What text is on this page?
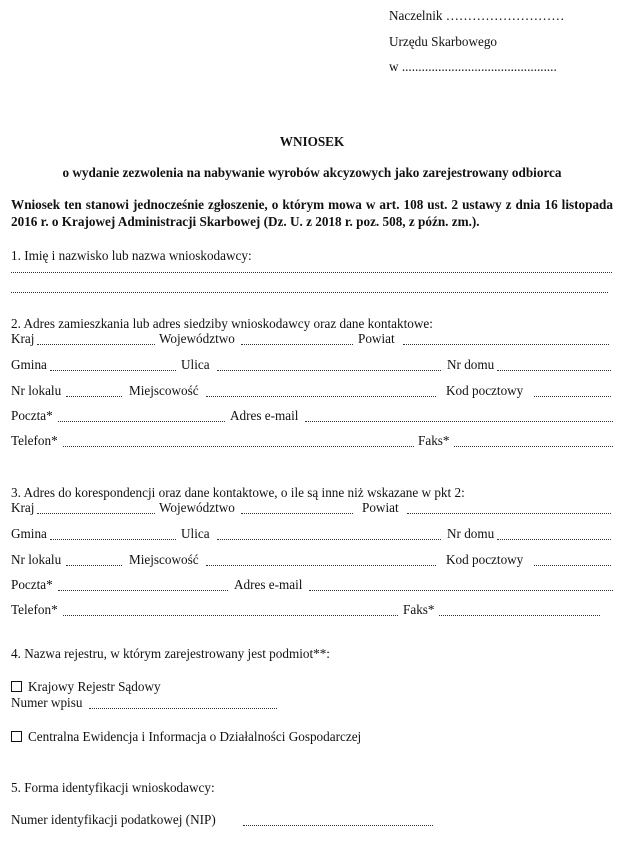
Naczelnik ………………………
Urzędu Skarbowego
w ...............................................
WNIOSEK
o wydanie zezwolenia na nabywanie wyrobów akcyzowych jako zarejestrowany odbiorca
Wniosek ten stanowi jednocześnie zgłoszenie, o którym mowa w art. 108 ust. 2 ustawy z dnia 16 listopada 2016 r. o Krajowej Administracji Skarbowej (Dz. U. z 2018 r. poz. 508, z późn. zm.).
1. Imię i nazwisko lub nazwa wnioskodawcy:
2. Adres zamieszkania lub adres siedziby wnioskodawcy oraz dane kontaktowe:
Kraj	Województwo	Powiat
Gmina	Ulica	Nr domu
Nr lokalu	Miejscowość	Kod pocztowy
Poczta*	Adres e-mail
Telefon*	Faks*
3. Adres do korespondencji oraz dane kontaktowe, o ile są inne niż wskazane w pkt 2:
Kraj	Województwo	Powiat
Gmina	Ulica	Nr domu
Nr lokalu	Miejscowość	Kod pocztowy
Poczta*	Adres e-mail
Telefon*	Faks*
4. Nazwa rejestru, w którym zarejestrowany jest podmiot**:
Krajowy Rejestr Sądowy
Numer wpisu
Centralna Ewidencja i Informacja o Działalności Gospodarczej
5. Forma identyfikacji wnioskodawcy:
Numer identyfikacji podatkowej (NIP)
